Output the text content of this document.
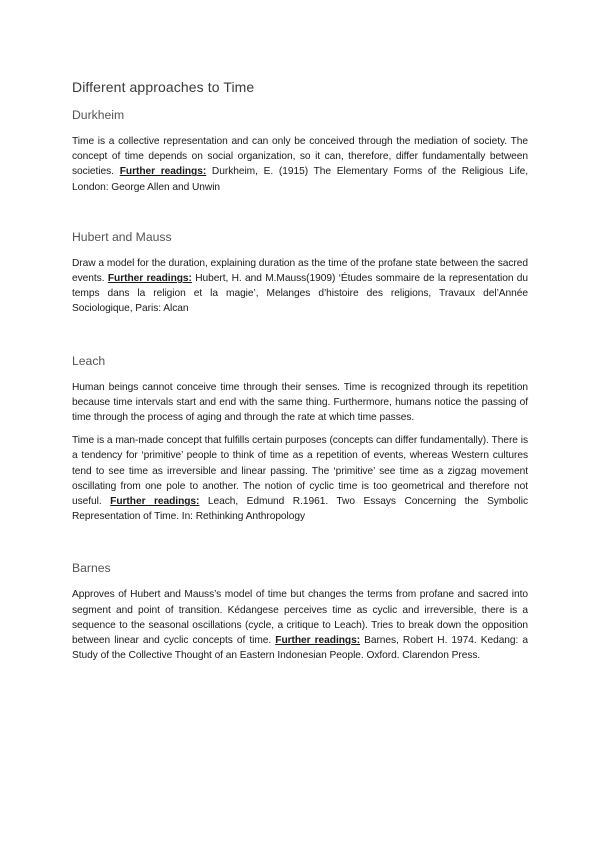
Different approaches to Time
Durkheim

Time is a collective representation and can only be conceived through the mediation of society. The concept of time depends on social organization, so it can, therefore, differ fundamentally between societies. Further readings: Durkheim, E. (1915) The Elementary Forms of the Religious Life, London: George Allen and Unwin

Hubert and Mauss

Draw a model for the duration, explaining duration as the time of the profane state between the sacred events. Further readings: Hubert, H. and M.Mauss(1909) ‘Études sommaire de la representation du temps dans la religion et la magie’, Melanges d’histoire des religions, Travaux del’Année Sociologique, Paris: Alcan

Leach

Human beings cannot conceive time through their senses. Time is recognized through its repetition because time intervals start and end with the same thing. Furthermore, humans notice the passing of time through the process of aging and through the rate at which time passes.

Time is a man-made concept that fulfills certain purposes (concepts can differ fundamentally). There is a tendency for ‘primitive’ people to think of time as a repetition of events, whereas Western cultures tend to see time as irreversible and linear passing. The ‘primitive’ see time as a zigzag movement oscillating from one pole to another. The notion of cyclic time is too geometrical and therefore not useful. Further readings: Leach, Edmund R.1961. Two Essays Concerning the Symbolic Representation of Time. In: Rethinking Anthropology

Barnes

Approves of Hubert and Mauss’s model of time but changes the terms from profane and sacred into segment and point of transition. Kédangese perceives time as cyclic and irreversible, there is a sequence to the seasonal oscillations (cycle, a critique to Leach). Tries to break down the opposition between linear and cyclic concepts of time. Further readings: Barnes, Robert H. 1974. Kedang: a Study of the Collective Thought of an Eastern Indonesian People. Oxford. Clarendon Press.
